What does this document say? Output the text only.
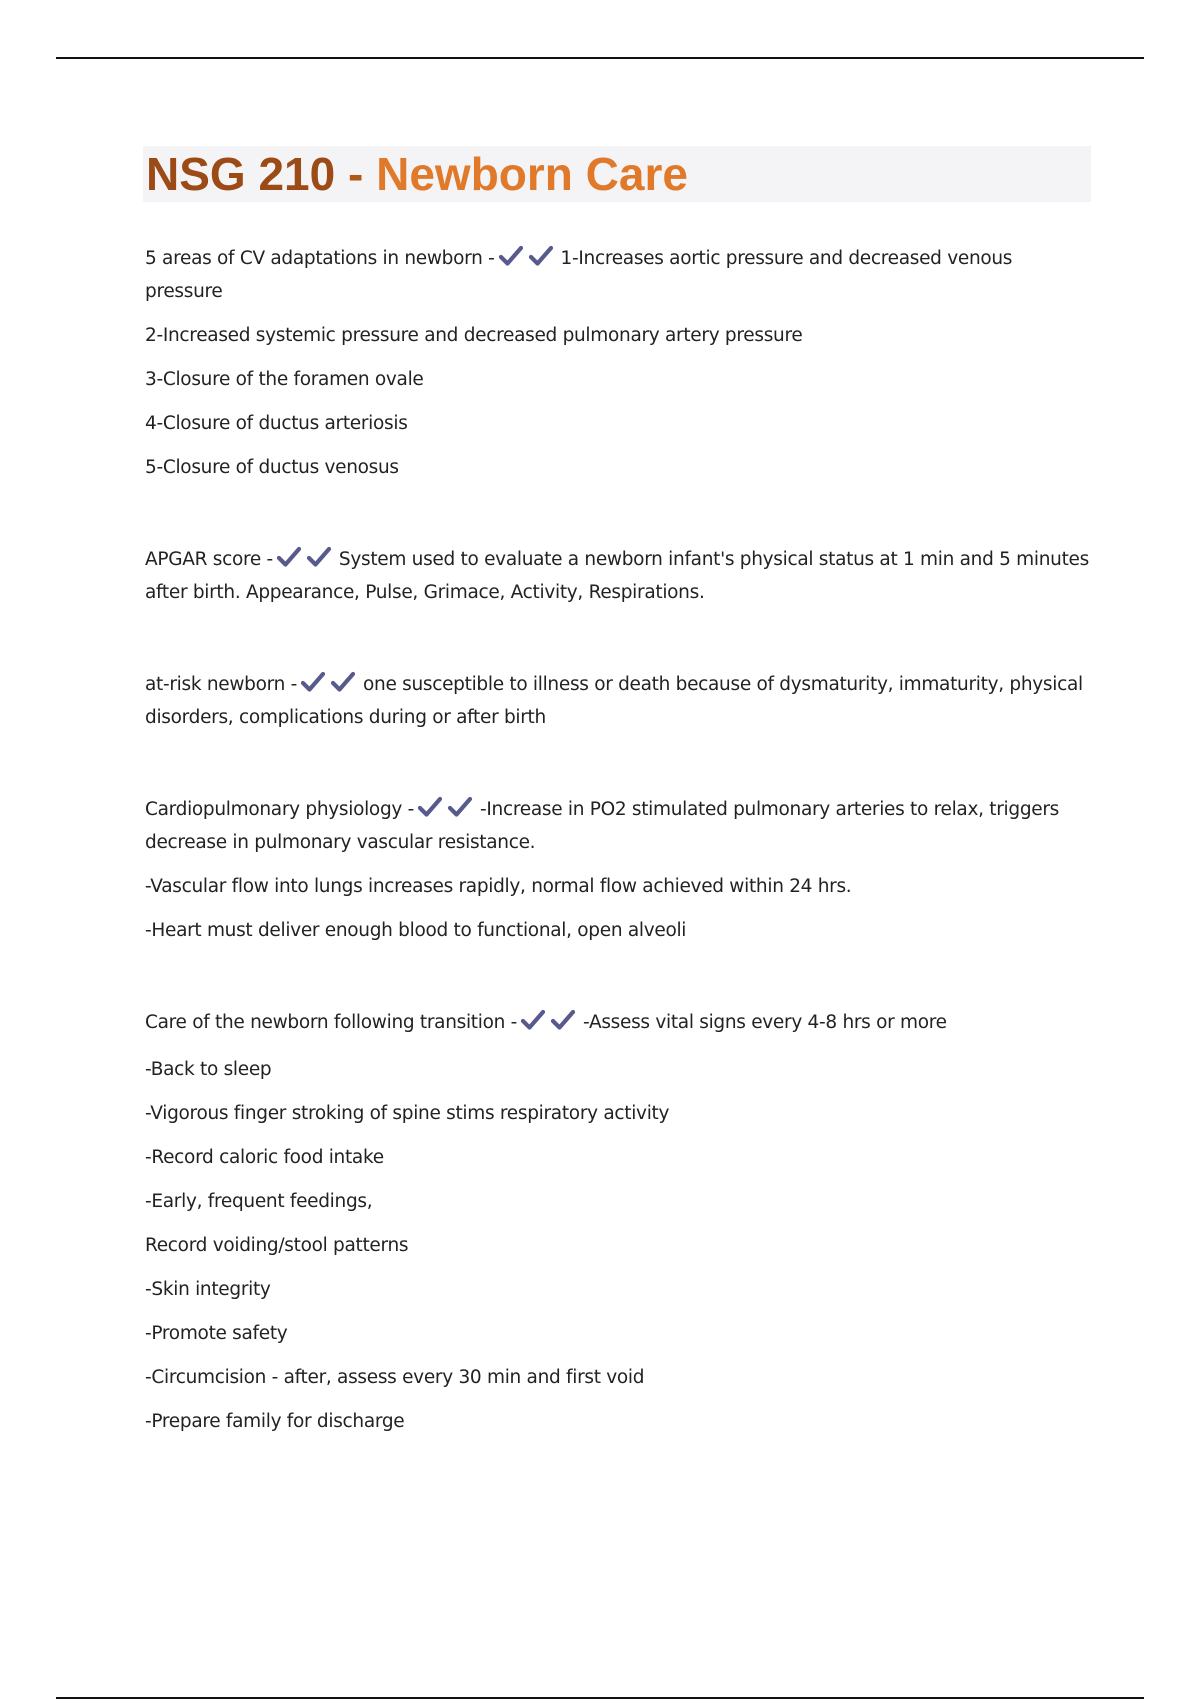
NSG 210 - Newborn Care

5 areas of CV adaptations in newborn -	1-Increases aortic pressure and decreased venous pressure

2-Increased systemic pressure and decreased pulmonary artery pressure

3-Closure of the foramen ovale

4-Closure of ductus arteriosis

5-Closure of ductus venosus

APGAR score -	System used to evaluate a newborn infant's physical status at 1 min and 5 minutes after birth. Appearance, Pulse, Grimace, Activity, Respirations.

at-risk newborn -	one susceptible to illness or death because of dysmaturity, immaturity, physical disorders, complications during or after birth

Cardiopulmonary physiology -	-Increase in PO2 stimulated pulmonary arteries to relax, triggers decrease in pulmonary vascular resistance.

-Vascular flow into lungs increases rapidly, normal flow achieved within 24 hrs.

-Heart must deliver enough blood to functional, open alveoli

Care of the newborn following transition -	-Assess vital signs every 4-8 hrs or more

-Back to sleep

-Vigorous finger stroking of spine stims respiratory activity

-Record caloric food intake

-Early, frequent feedings,

Record voiding/stool patterns

-Skin integrity

-Promote safety

-Circumcision - after, assess every 30 min and first void

-Prepare family for discharge
